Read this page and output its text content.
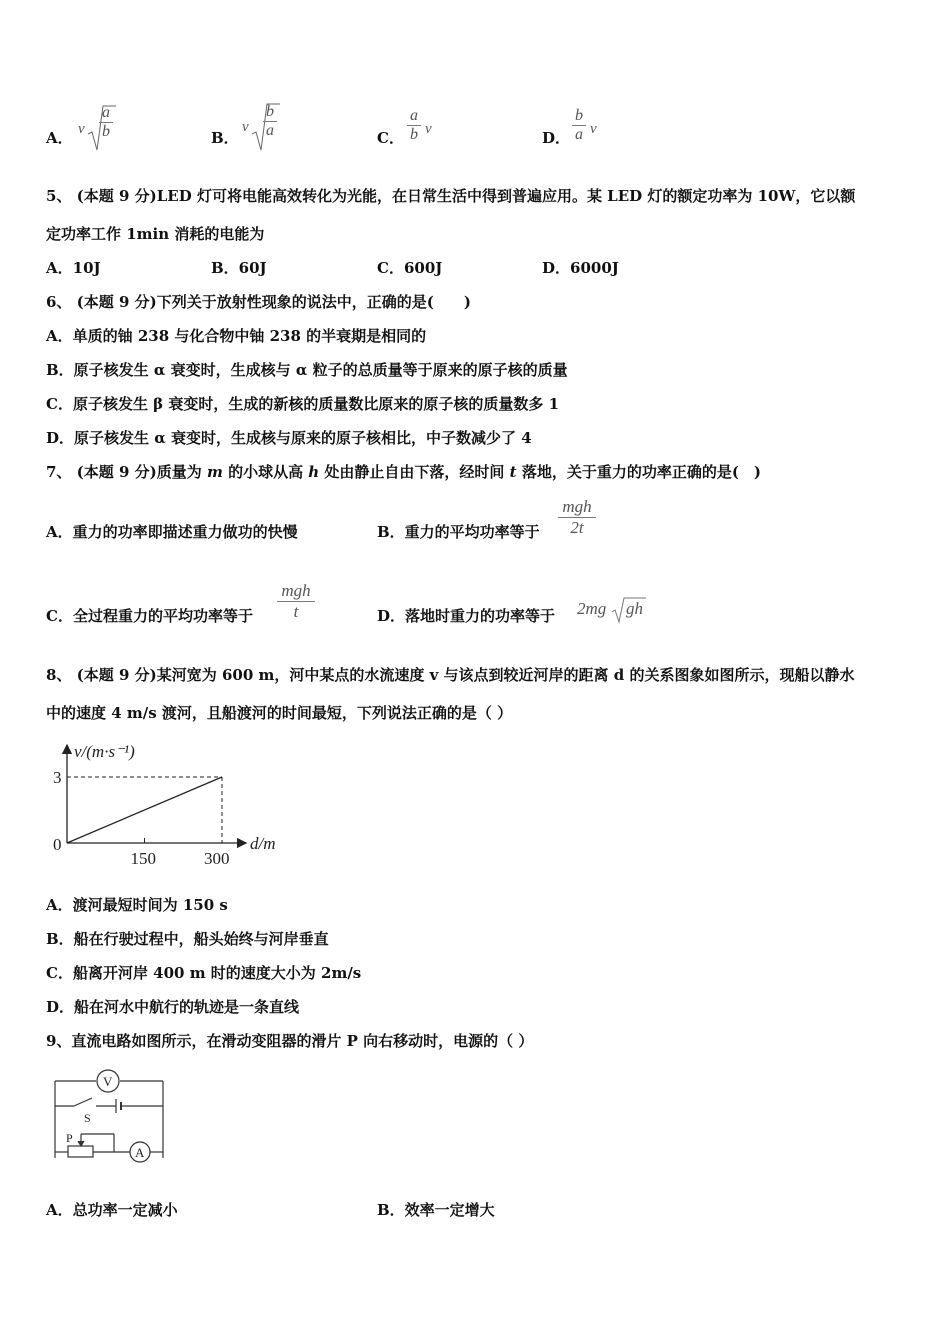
A． v
a
b	B．
v
b
a	C．
a
b v	D．
b
a v
5、 (本题 9 分)LED 灯可将电能高效转化为光能，在日常生活中得到普遍应用。某 LED 灯的额定功率为 10W，它以额
定功率工作 1min 消耗的电能为
A．10J	B．60J	C．600J	D．6000J
6、 (本题 9 分)下列关于放射性现象的说法中，正确的是(　　)
A．单质的铀 238 与化合物中铀 238 的半衰期是相同的
B．原子核发生 α 衰变时，生成核与 α 粒子的总质量等于原来的原子核的质量
C．原子核发生 β 衰变时，生成的新核的质量数比原来的原子核的质量数多 1
D．原子核发生 α 衰变时，生成核与原来的原子核相比，中子数减少了 4
7、 (本题 9 分)质量为 m 的小球从高 h 处由静止自由下落，经时间 t 落地，关于重力的功率正确的是(　)
A．重力的功率即描述重力做功的快慢	B．重力的平均功率等于
mgh
2t
C．全过程重力的平均功率等于
mgh
t	D．落地时重力的功率等于 2mg gh
8、 (本题 9 分)某河宽为 600 m，河中某点的水流速度 v 与该点到较近河岸的距离 d 的关系图象如图所示，现船以静水
中的速度 4 m/s 渡河，且船渡河的时间最短，下列说法正确的是（ ）
0
150	300
3
v/(m·s⁻¹)
d/m
A．渡河最短时间为 150 s
B．船在行驶过程中，船头始终与河岸垂直
C．船离开河岸 400 m 时的速度大小为 2m/s
D．船在河水中航行的轨迹是一条直线
9、直流电路如图所示，在滑动变阻器的滑片 P 向右移动时，电源的（ ）
V
A
S
P
A．总功率一定减小	B．效率一定增大
